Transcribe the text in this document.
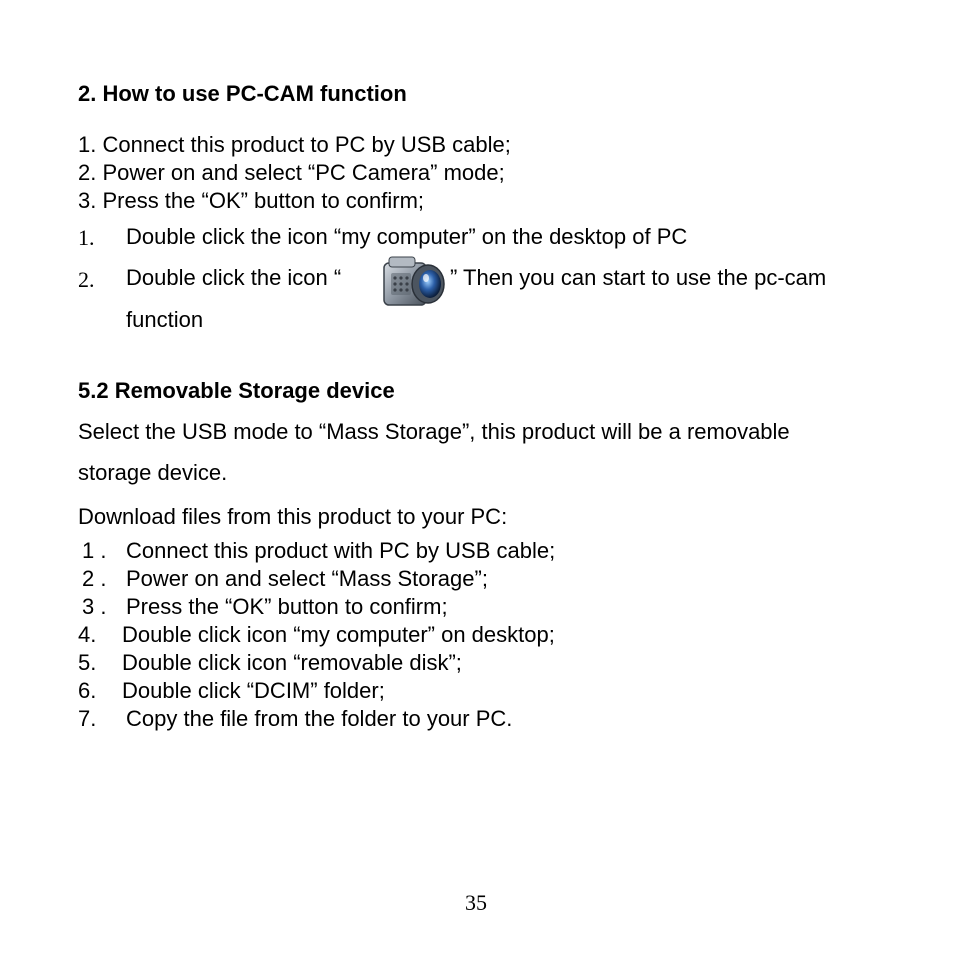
2. How to use PC-CAM function
1. Connect this product to PC by USB cable;
2. Power on and select “PC Camera” mode;
3. Press the “OK” button to confirm;
1. Double click the icon “my computer” on the desktop of PC
2. Double click the icon “	” Then you can start to use the pc-cam
function
5.2 Removable Storage device
Select the USB mode to “Mass Storage”, this product will be a removable
storage device.
Download files from this product to your PC:
1 . Connect this product with PC by USB cable;
2 . Power on and select “Mass Storage”;
3 . Press the “OK” button to confirm;
4. Double click icon “my computer” on desktop;
5. Double click icon “removable disk”;
6. Double click “DCIM” folder;
7. Copy the file from the folder to your PC.
35
